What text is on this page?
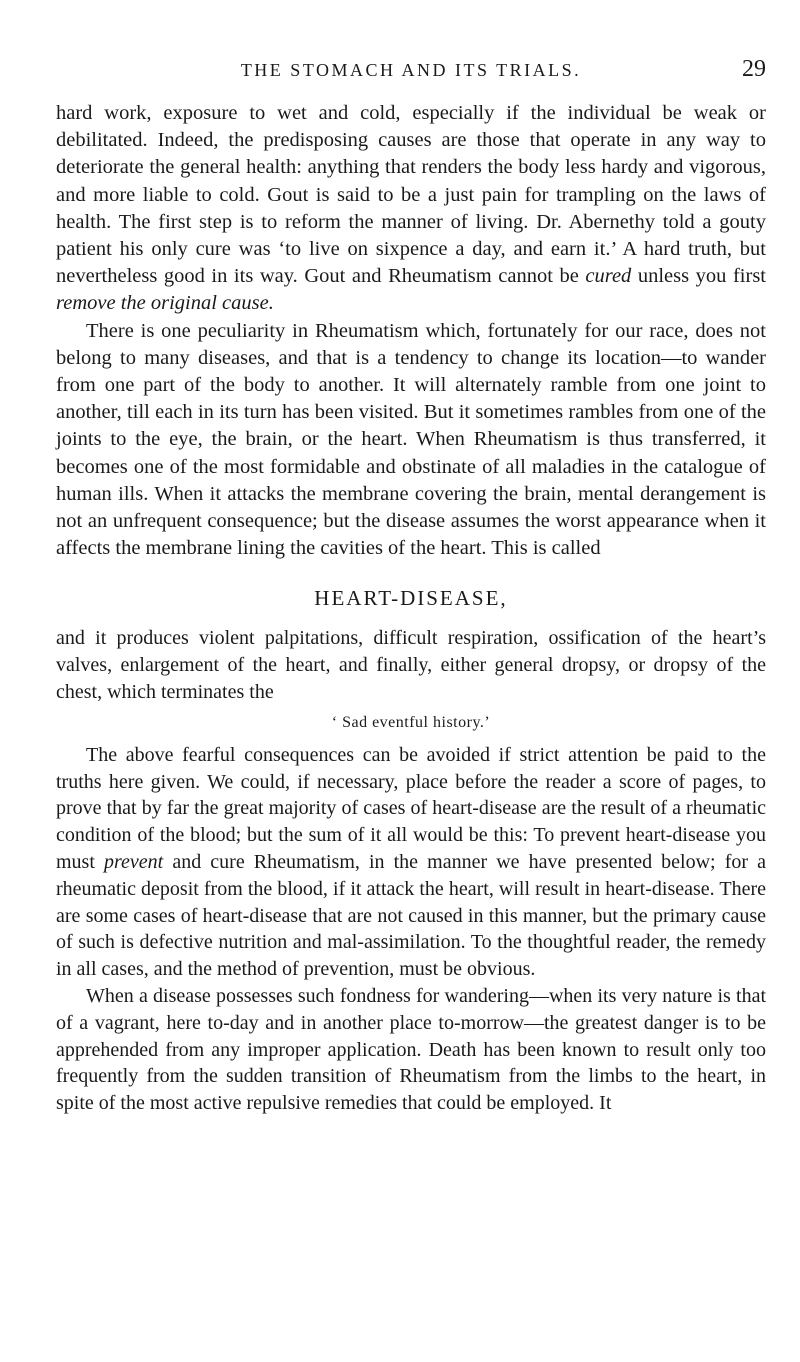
THE STOMACH AND ITS TRIALS.	29

hard work, exposure to wet and cold, especially if the individual be weak or debilitated. Indeed, the predisposing causes are those that operate in any way to deteriorate the general health: anything that renders the body less hardy and vigorous, and more liable to cold. Gout is said to be a just pain for trampling on the laws of health. The first step is to reform the manner of living. Dr. Abernethy told a gouty patient his only cure was ‘to live on sixpence a day, and earn it.’ A hard truth, but nevertheless good in its way. Gout and Rheumatism cannot be cured unless you first remove the original cause.

There is one peculiarity in Rheumatism which, fortunately for our race, does not belong to many diseases, and that is a tendency to change its location—to wander from one part of the body to another. It will alternately ramble from one joint to another, till each in its turn has been visited. But it sometimes rambles from one of the joints to the eye, the brain, or the heart. When Rheumatism is thus transferred, it becomes one of the most formidable and obstinate of all maladies in the catalogue of human ills. When it attacks the membrane covering the brain, mental derangement is not an unfrequent consequence; but the disease assumes the worst appearance when it affects the membrane lining the cavities of the heart. This is called

HEART-DISEASE,

and it produces violent palpitations, difficult respiration, ossification of the heart’s valves, enlargement of the heart, and finally, either general dropsy, or dropsy of the chest, which terminates the

‘ Sad eventful history.’

The above fearful consequences can be avoided if strict attention be paid to the truths here given. We could, if necessary, place before the reader a score of pages, to prove that by far the great majority of cases of heart-disease are the result of a rheumatic condition of the blood; but the sum of it all would be this: To prevent heart-disease you must prevent and cure Rheumatism, in the manner we have presented below; for a rheumatic deposit from the blood, if it attack the heart, will result in heart-disease. There are some cases of heart-disease that are not caused in this manner, but the primary cause of such is defective nutrition and mal-assimilation. To the thoughtful reader, the remedy in all cases, and the method of prevention, must be obvious.

When a disease possesses such fondness for wandering—when its very nature is that of a vagrant, here to-day and in another place to-morrow—the greatest danger is to be apprehended from any improper application. Death has been known to result only too frequently from the sudden transition of Rheumatism from the limbs to the heart, in spite of the most active repulsive remedies that could be employed. It
